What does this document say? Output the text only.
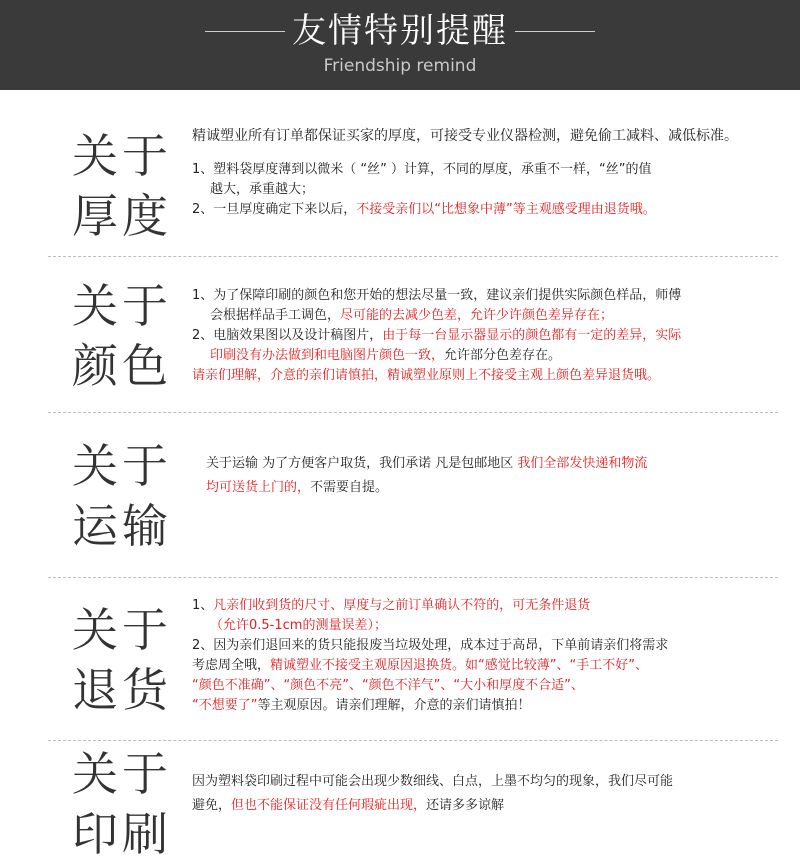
友情特别提醒
Friendship remind
关于
厚度

精诚塑业所有订单都保证买家的厚度，可接受专业仪器检测，避免偷工减料、减低标准。

1、塑料袋厚度薄到以微米（ “丝” ）计算，不同的厚度，承重不一样，“丝”的值

越大，承重越大；

2、一旦厚度确定下来以后，不接受亲们以“比想象中薄”等主观感受理由退货哦。

关于
颜色

1、为了保障印刷的颜色和您开始的想法尽量一致，建议亲们提供实际颜色样品，师傅

会根据样品手工调色，尽可能的去减少色差，允许少许颜色差异存在；

2、电脑效果图以及设计稿图片，由于每一台显示器显示的颜色都有一定的差异，实际

印刷没有办法做到和电脑图片颜色一致，允许部分色差存在。

请亲们理解，介意的亲们请慎拍，精诚塑业原则上不接受主观上颜色差异退货哦。

关于
运输

关于运输 为了方便客户取货，我们承诺 凡是包邮地区 我们全部发快递和物流

均可送货上门的，不需要自提。

关于
退货

1、凡亲们收到货的尺寸、厚度与之前订单确认不符的，可无条件退货

（允许0.5-1cm的测量误差）；

2、因为亲们退回来的货只能报废当垃圾处理，成本过于高昂，下单前请亲们将需求

考虑周全哦，精诚塑业不接受主观原因退换货。如“感觉比较薄”、“手工不好”、

“颜色不准确”、“颜色不亮”、“颜色不洋气”、“大小和厚度不合适”、

“不想要了”等主观原因。请亲们理解，介意的亲们请慎拍！

关于
印刷

因为塑料袋印刷过程中可能会出现少数细线、白点，上墨不均匀的现象，我们尽可能

避免，但也不能保证没有任何瑕疵出现，还请多多谅解
